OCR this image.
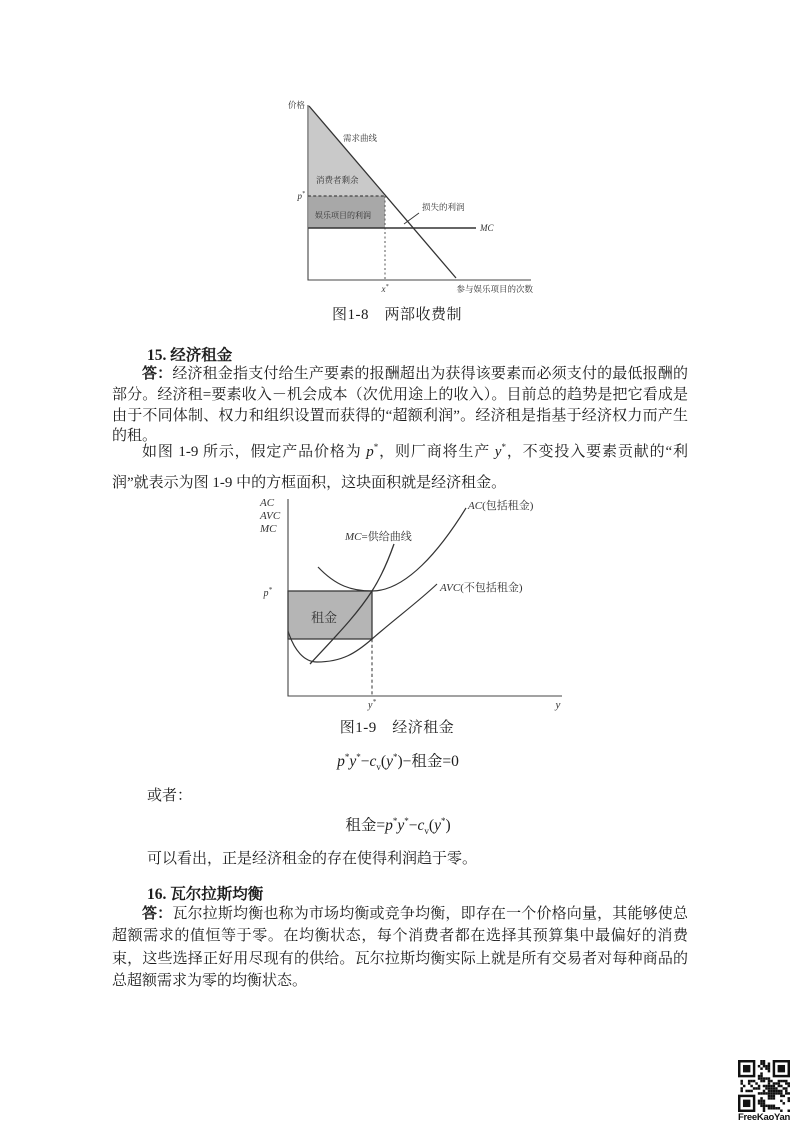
价格
需求曲线
消费者剩余
娱乐项目的利润
损失的利润
MC
p*
x*	参与娱乐项目的次数
图1-8　两部收费制
15. 经济租金

答：经济租金指支付给生产要素的报酬超出为获得该要素而必须支付的最低报酬的部分。经济租=要素收入－机会成本（次优用途上的收入）。目前总的趋势是把它看成是由于不同体制、权力和组织设置而获得的“超额利润”。经济租是指基于经济权力而产生的租。

如图 1-9 所示，假定产品价格为 p*，则厂商将生产 y*，不变投入要素贡献的“利润”就表示为图 1-9 中的方框面积，这块面积就是经济租金。

AC
AVC
MC
AC(包括租金)
MC=供给曲线
AVC(不包括租金)
租金
p*
y*	y
图1-9　经济租金
$p^*y^*-c_v(y^*)-$租金=0
或者：
租金$=p^*y^*-c_v(y^*)$
可以看出，正是经济租金的存在使得利润趋于零。
16. 瓦尔拉斯均衡

答：瓦尔拉斯均衡也称为市场均衡或竞争均衡，即存在一个价格向量，其能够使总超额需求的值恒等于零。在均衡状态，每个消费者都在选择其预算集中最偏好的消费束，这些选择正好用尽现有的供给。瓦尔拉斯均衡实际上就是所有交易者对每种商品的总超额需求为零的均衡状态。

FreeKaoYan
